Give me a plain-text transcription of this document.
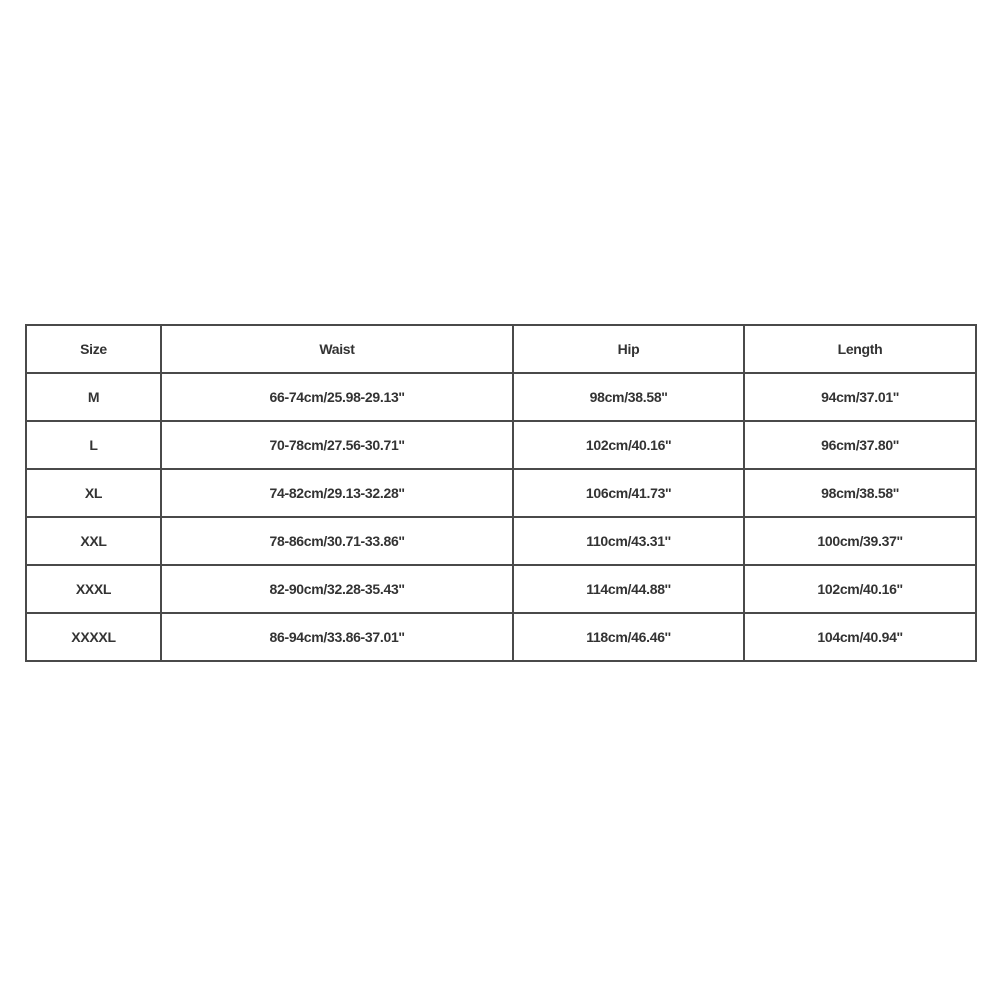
Size	Waist	Hip	Length
M	66-74cm/25.98-29.13''	98cm/38.58''	94cm/37.01''
L	70-78cm/27.56-30.71''	102cm/40.16''	96cm/37.80''
XL	74-82cm/29.13-32.28''	106cm/41.73''	98cm/38.58''
XXL	78-86cm/30.71-33.86''	110cm/43.31''	100cm/39.37''
XXXL	82-90cm/32.28-35.43''	114cm/44.88''	102cm/40.16''
XXXXL	86-94cm/33.86-37.01''	118cm/46.46''	104cm/40.94''
